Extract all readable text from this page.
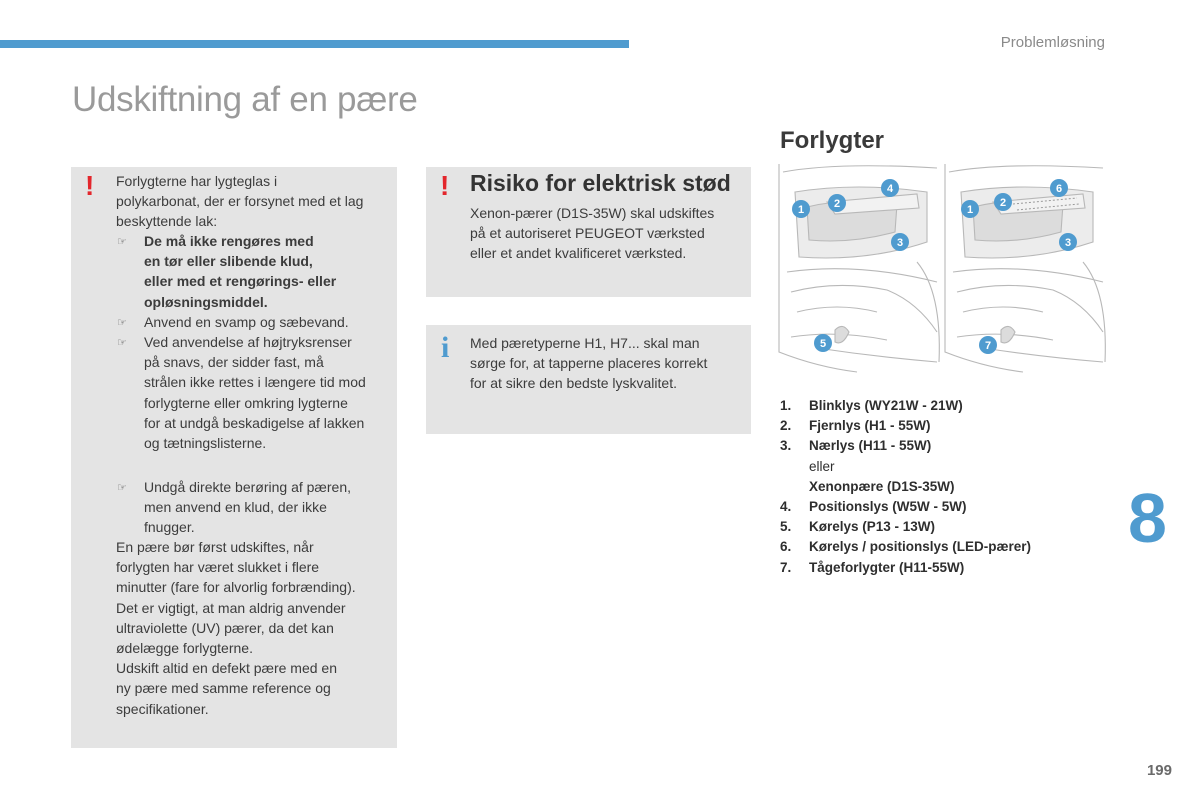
Problemløsning
Udskiftning af en pære
! Forlygterne har lygteglas i
polykarbonat, der er forsynet med et lag
beskyttende lak:
☞ De må ikke rengøres med
en tør eller slibende klud,
eller med et rengørings- eller
opløsningsmiddel.
☞ Anvend en svamp og sæbevand.
☞ Ved anvendelse af højtryksrenser
på snavs, der sidder fast, må
strålen ikke rettes i længere tid mod
forlygterne eller omkring lygterne
for at undgå beskadigelse af lakken
og tætningslisterne.
☞ Undgå direkte berøring af pæren,
men anvend en klud, der ikke
fnugger.
En pære bør først udskiftes, når
forlygten har været slukket i flere
minutter (fare for alvorlig forbrænding).
Det er vigtigt, at man aldrig anvender
ultraviolette (UV) pærer, da det kan
ødelægge forlygterne.
Udskift altid en defekt pære med en
ny pære med samme reference og
specifikationer.
! Risiko for elektrisk stød
Xenon-pærer (D1S-35W) skal udskiftes
på et autoriseret PEUGEOT værksted
eller et andet kvalificeret værksted.
i Med pæretyperne H1, H7... skal man
sørge for, at tapperne placeres korrekt
for at sikre den bedste lyskvalitet.
Forlygter
1	2
3
4
5
1
2
3
6
7
1. Blinklys (WY21W - 21W)
2. Fjernlys (H1 - 55W)
3. Nærlys (H11 - 55W)
eller
Xenonpære (D1S-35W)
4. Positionslys (W5W - 5W)
5. Kørelys (P13 - 13W)
6. Kørelys / positionslys (LED-pærer)
7. Tågeforlygter (H11-55W)
8
199
